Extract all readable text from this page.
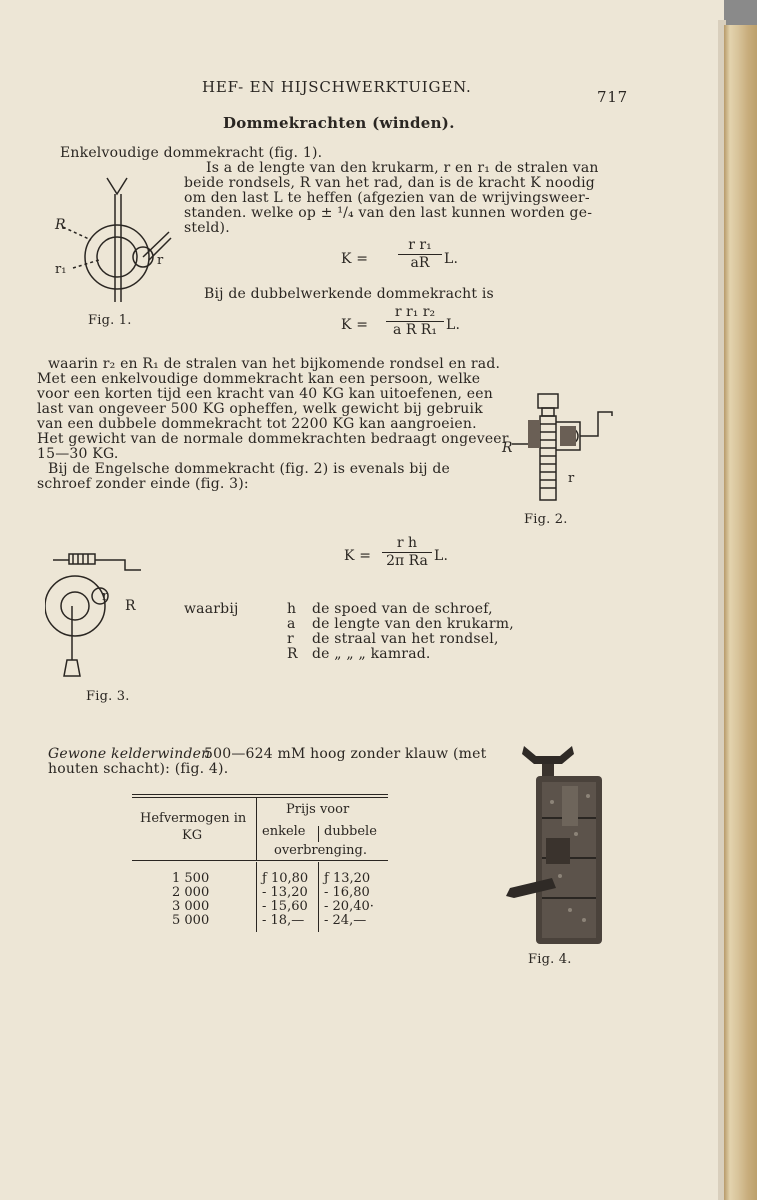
HEF- EN HIJSCHWERKTUIGEN.
717
Dommekrachten (winden).
Enkelvoudige dommekracht (fig. 1).
Is a de lengte van den krukarm, r en r₁ de stralen van
beide rondsels, R van het rad, dan is de kracht K noodig
om den last L te heffen (afgezien van de wrijvingsweer-
standen. welke op ± ¹/₄ van den last kunnen worden ge-
steld).
$K = \frac{\text{r r₁}}{aR} L$.
Bij de dubbelwerkende dommekracht is
$K = \frac{\text{r r₁ r₂}}{\text{a R R₁}} L$.
R
r₁
r
Fig. 1.
waarin r₂ en R₁ de stralen van het bijkomende rondsel en rad.
Met een enkelvoudige dommekracht kan een persoon, welke
voor een korten tijd een kracht van 40 KG kan uitoefenen, een
last van ongeveer 500 KG opheffen, welk gewicht bij gebruik
van een dubbele dommekracht tot 2200 KG kan aangroeien.
Het gewicht van de normale dommekrachten bedraagt ongeveer
15—30 KG.
Bij de Engelsche dommekracht (fig. 2) is evenals bij de
schroef zonder einde (fig. 3):
R
r
Fig. 2.
$K = \frac{\text{r h}}{\text{2π Ra}} L$.
r
R
Fig. 3.
waarbij	h de spoed van de schroef,
a de lengte van den krukarm,
r de straal van het rondsel,
R de „ „ „ kamrad.
Gewone kelderwinden
500—624 mM hoog zonder klauw (met
houten schacht): (fig. 4).
Hefvermogen in
KG
Prijs voor
enkele dubbele
overbrenging.
1 500	ƒ 10,80 ƒ 13,20
2 000	- 13,20 - 16,80
3 000	- 15,60 - 20,40·
5 000	- 18,— - 24,—
Fig. 4.
